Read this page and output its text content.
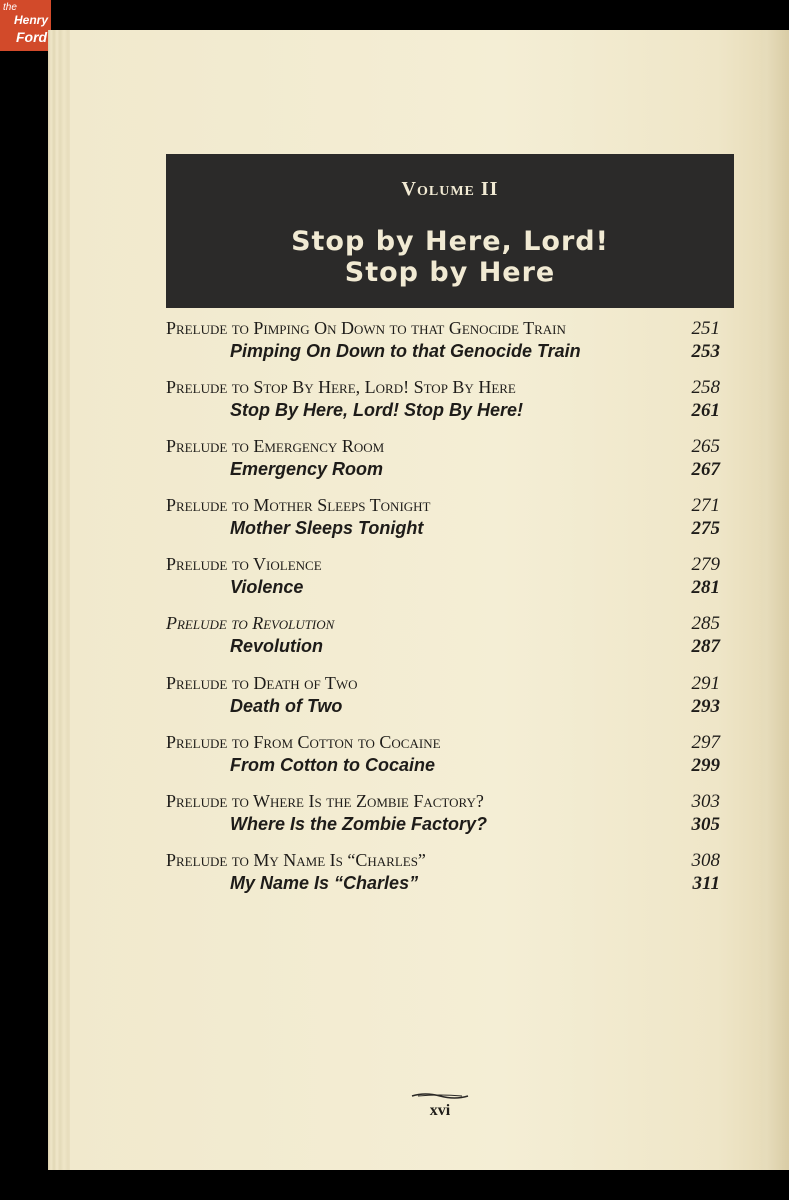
the
Henry
Ford
Volume II
Stop by Here, Lord!
Stop by Here
Prelude to Pimping On Down to that Genocide Train	251
Pimping On Down to that Genocide Train	253
Prelude to Stop By Here, Lord! Stop By Here	258
Stop By Here, Lord! Stop By Here!	261
Prelude to Emergency Room	265
Emergency Room	267
Prelude to Mother Sleeps Tonight	271
Mother Sleeps Tonight	275
Prelude to Violence	279
Violence	281
Prelude to Revolution	285
Revolution	287
Prelude to Death of Two	291
Death of Two	293
Prelude to From Cotton to Cocaine	297
From Cotton to Cocaine	299
Prelude to Where Is the Zombie Factory?	303
Where Is the Zombie Factory?	305
Prelude to My Name Is “Charles”	308
My Name Is “Charles”	311
xvi
